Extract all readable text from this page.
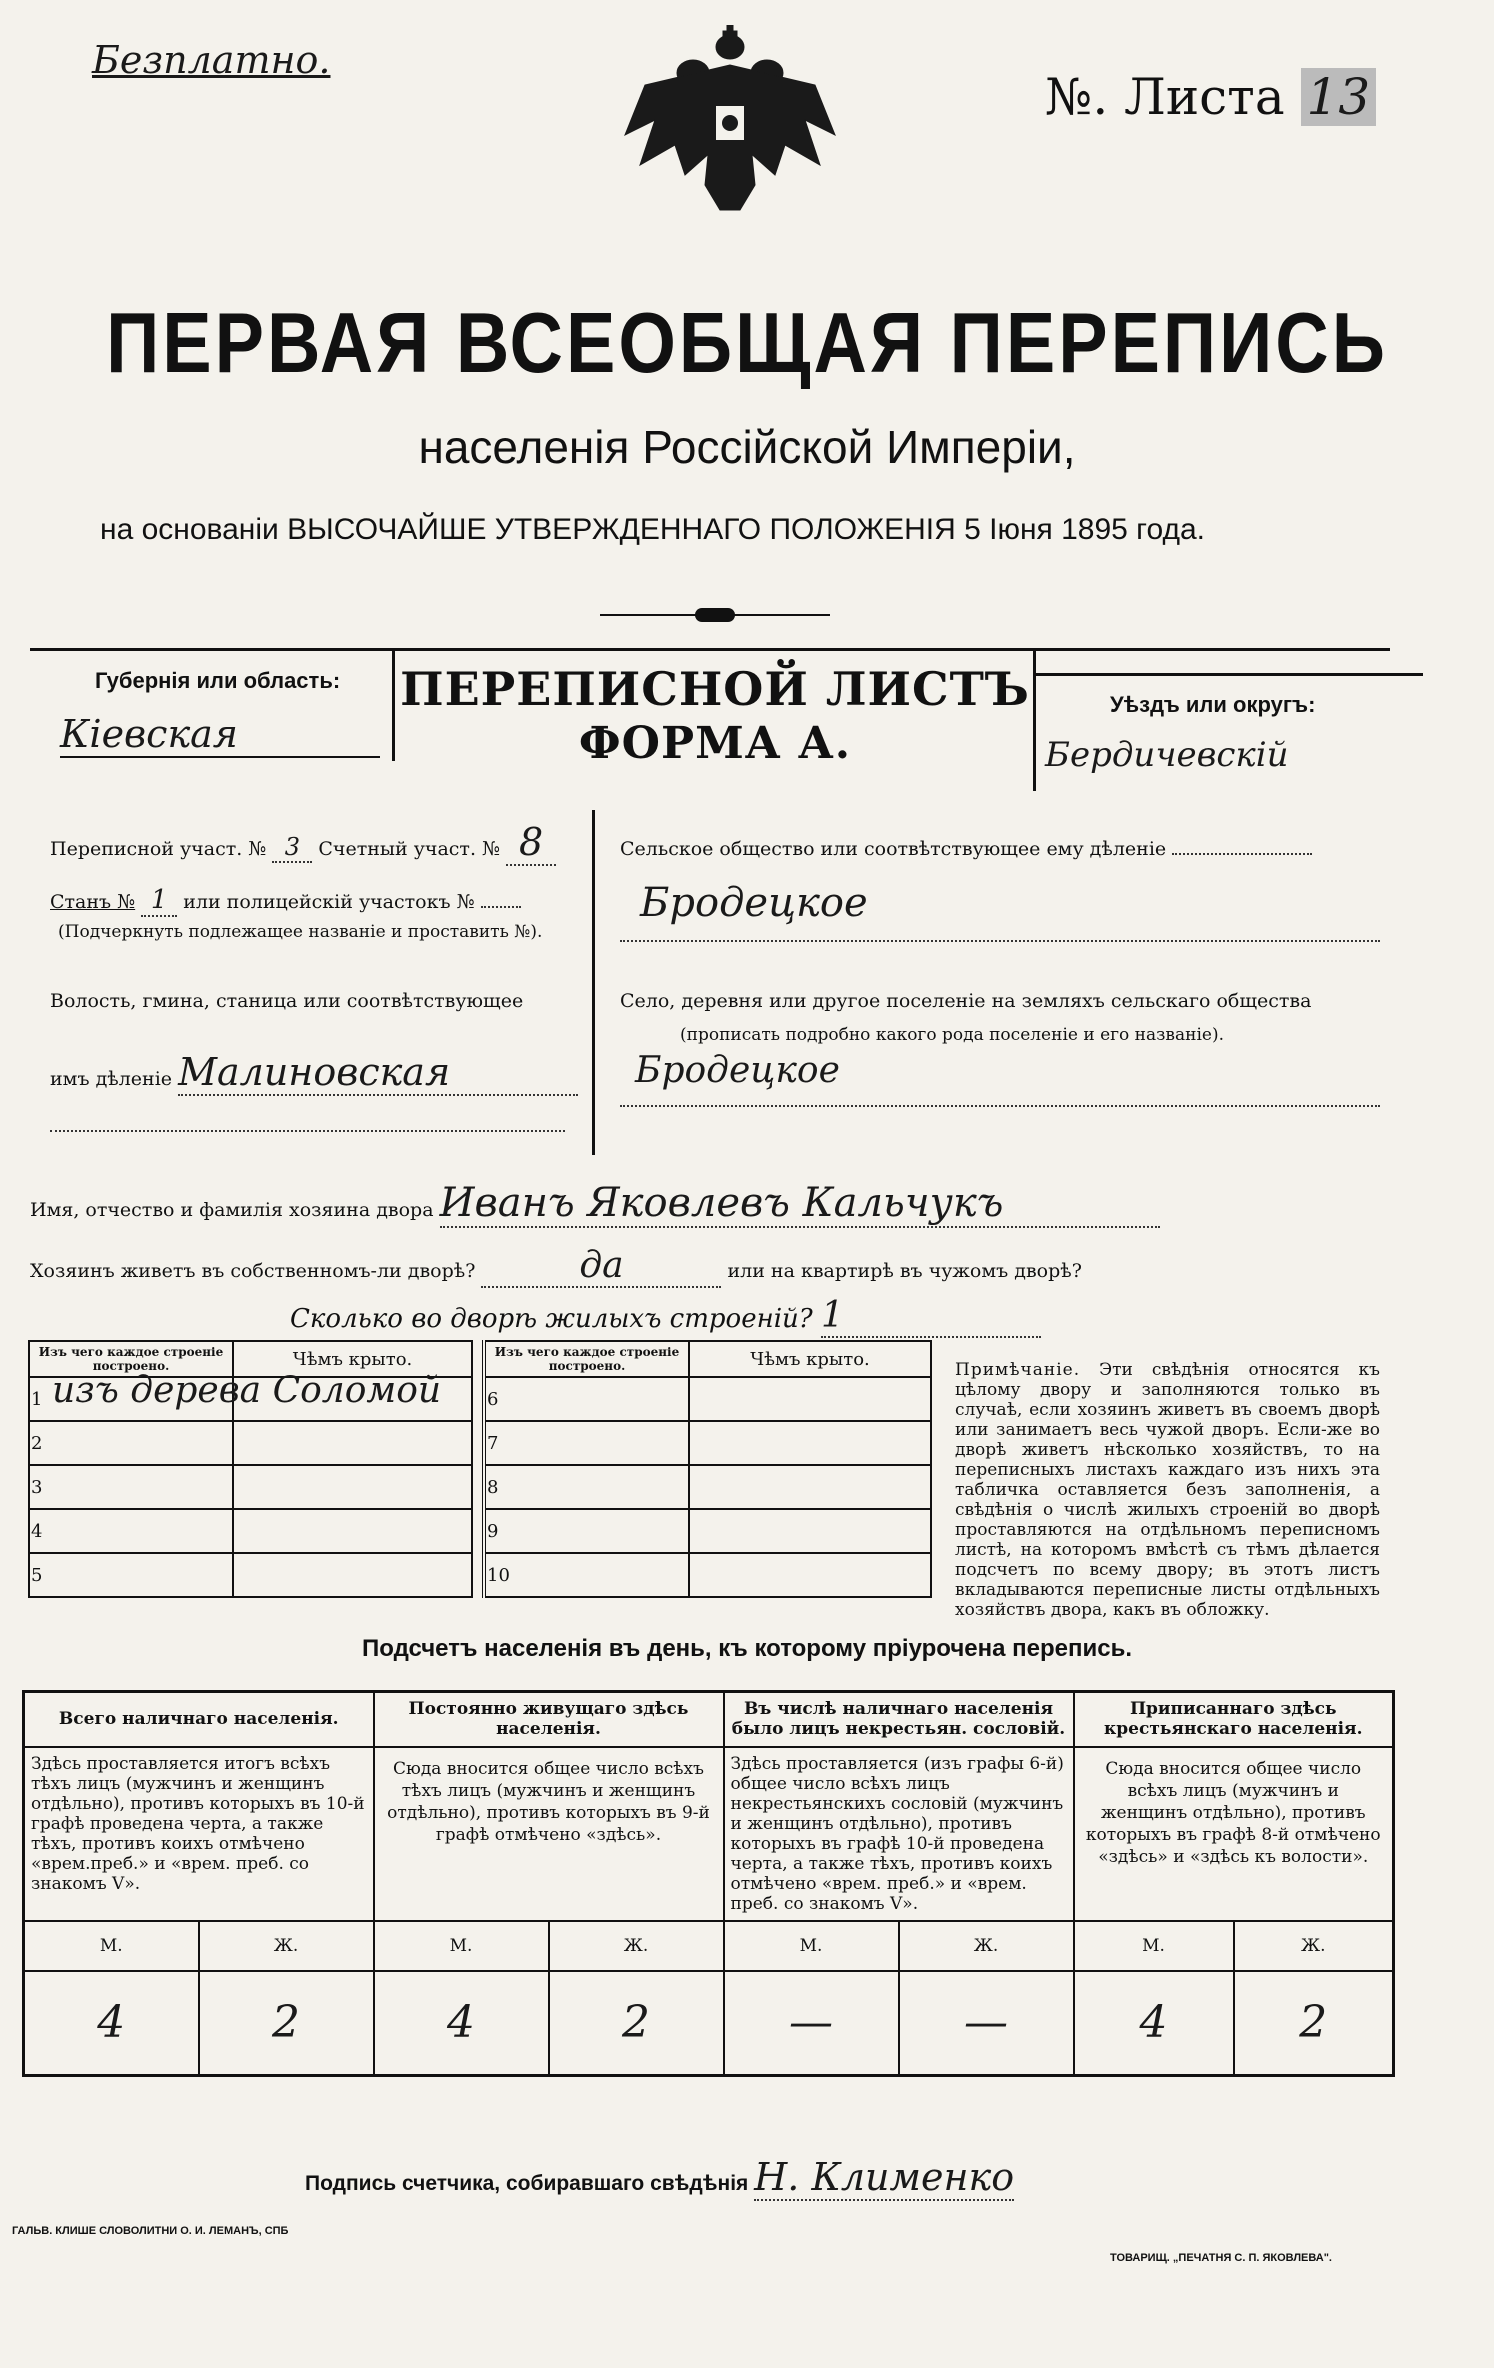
Безплатно.
№. Листа 13
ПЕРВАЯ ВСЕОБЩАЯ ПЕРЕПИСЬ
населенія Россійской Имперіи,
на основаніи ВЫСОЧАЙШЕ УТВЕРЖДЕННАГО ПОЛОЖЕНІЯ 5 Іюня 1895 года.
Губернія или область:
Кіевская
ПЕРЕПИСНОЙ ЛИСТЪ
ФОРМА А.
Уѣздъ или округъ:
Бердичевскій
Переписной участ. № 3 Счетный участ. № 8
Станъ № 1 или полицейскій участокъ №
(Подчеркнуть подлежащее названіе и проставить №).
Волость, гмина, станица или соотвѣтствующее
имъ дѣленіе Малиновская
Сельское общество или соотвѣтствующее ему дѣленіе
Бродецкое
Село, деревня или другое поселеніе на земляхъ сельскаго общества
(прописать подробно какого рода поселеніе и его названіе).
Бродецкое
Имя, отчество и фамилія хозяина двора Иванъ Яковлевъ Кальчукъ
Хозяинъ живетъ въ собственномъ-ли дворѣ?	да	или на квартирѣ въ чужомъ дворѣ?
Сколько во дворѣ жилыхъ строеній? 1
Изъ чего каждое строеніе построено.	Чѣмъ крыто.
1 изъ дерева Соломой	

2	
3	
4	
5	
Изъ чего каждое строеніе построено.	Чѣмъ крыто.
6	
7	
8	
9	
10	
Примѣчаніе. Эти свѣдѣнія относятся къ цѣлому двору и заполняются только въ случаѣ, если хозяинъ живетъ въ своемъ дворѣ или занимаетъ весь чужой дворъ. Если-же во дворѣ живетъ нѣсколько хозяйствъ, то на переписныхъ листахъ каждаго изъ нихъ эта табличка оставляется безъ заполненія, а свѣдѣнія о числѣ жилыхъ строеній во дворѣ проставляются на отдѣльномъ переписномъ листѣ, на которомъ вмѣстѣ съ тѣмъ дѣлается подсчетъ по всему двору; въ этотъ листъ вкладываются переписные листы отдѣльныхъ хозяйствъ двора, какъ въ обложку.
Подсчетъ населенія въ день, къ которому пріурочена перепись.
Всего наличнаго населенія.		Постоянно живущаго здѣсь населенія.		Въ числѣ наличнаго населенія было лицъ некрестьян. сословій.		Приписаннаго здѣсь крестьянскаго населенія.	
Здѣсь проставляется итогъ всѣхъ тѣхъ лицъ (мужчинъ и женщинъ отдѣльно), противъ которыхъ въ 10-й графѣ проведена черта, а также тѣхъ, противъ коихъ отмѣчено «врем.преб.» и «врем. преб. со знакомъ V».		Сюда вносится общее число всѣхъ тѣхъ лицъ (мужчинъ и женщинъ отдѣльно), противъ которыхъ въ 9-й графѣ отмѣчено «здѣсь».		Здѣсь проставляется (изъ графы 6-й) общее число всѣхъ лицъ некрестьянскихъ сословій (мужчинъ и женщинъ отдѣльно), противъ которыхъ въ графѣ 10-й проведена черта, а также тѣхъ, противъ коихъ отмѣчено «врем. преб.» и «врем. преб. со знакомъ V».		Сюда вносится общее число всѣхъ лицъ (мужчинъ и женщинъ отдѣльно), противъ которыхъ въ графѣ 8-й отмѣчено «здѣсь» и «здѣсь къ волости».	
М.	Ж.	М.	Ж.	М.	Ж.	М.	Ж.
4	2	4	2	—	—	4	2
Подпись счетчика, собиравшаго свѣдѣнія Н. Клименко
ГАЛЬВ. КЛИШЕ СЛОВОЛИТНИ О. И. ЛЕМАНЪ, СПБ
ТОВАРИЩ. „ПЕЧАТНЯ С. П. ЯКОВЛЕВА".
